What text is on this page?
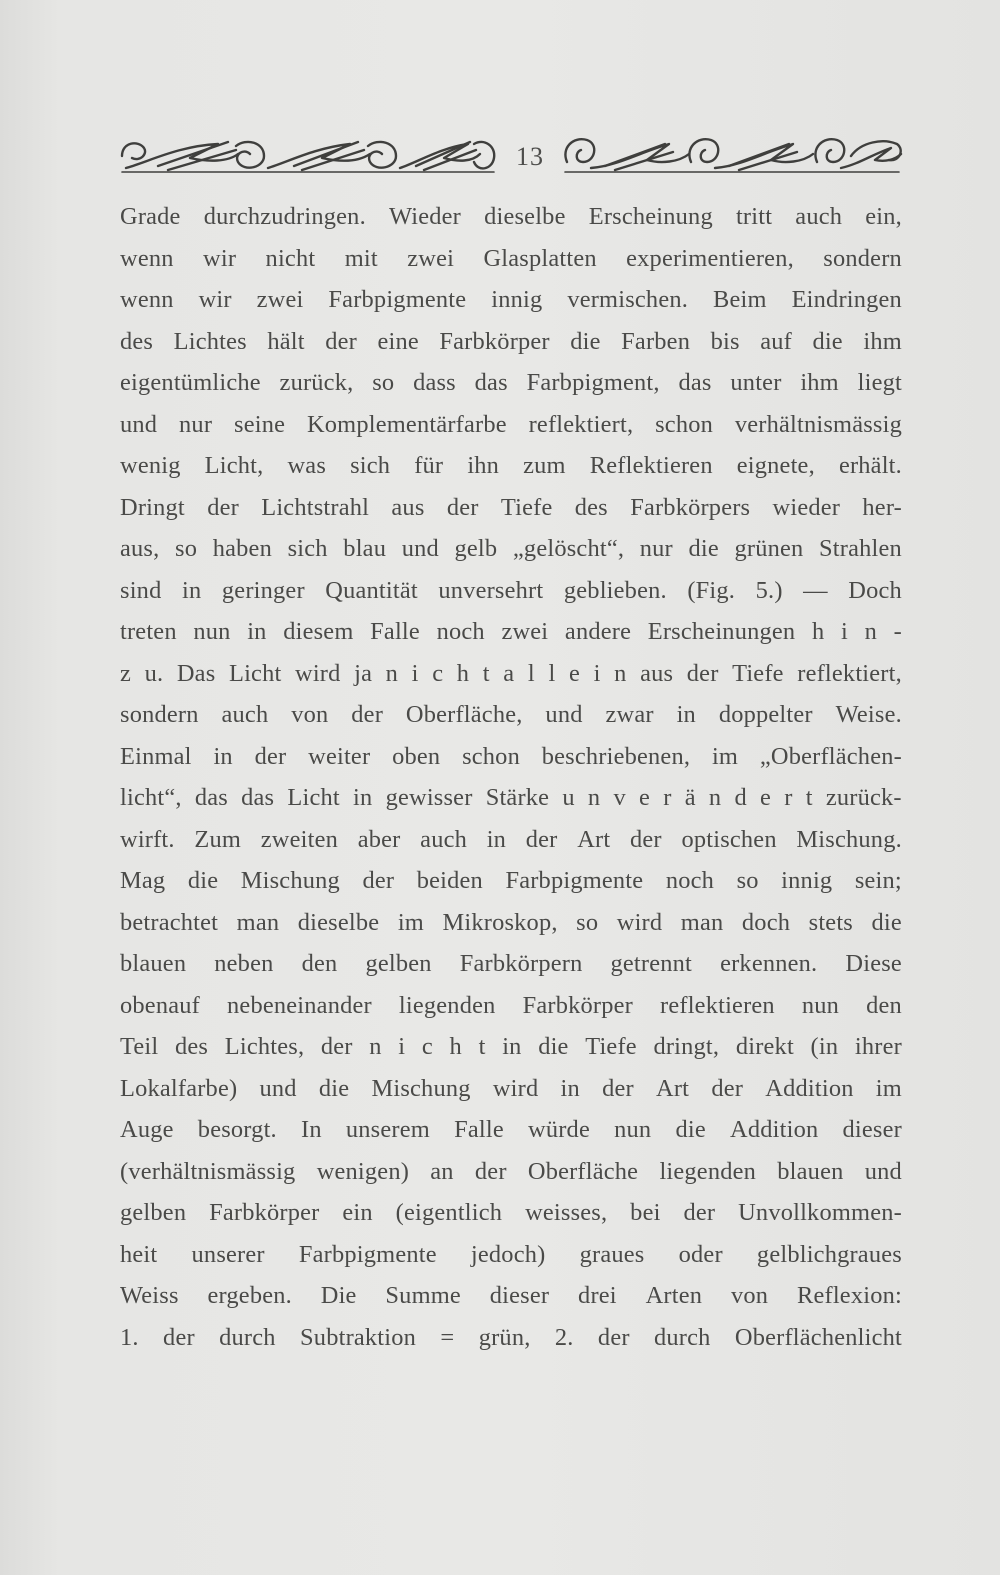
13
Grade durchzudringen. Wieder dieselbe Erscheinung tritt auch ein,
wenn wir nicht mit zwei Glasplatten experimentieren, sondern
wenn wir zwei Farbpigmente innig vermischen. Beim Eindringen
des Lichtes hält der eine Farbkörper die Farben bis auf die ihm
eigentümliche zurück, so dass das Farbpigment, das unter ihm liegt
und nur seine Komplementärfarbe reflektiert, schon verhältnismässig
wenig Licht, was sich für ihn zum Reflektieren eignete, erhält.
Dringt der Lichtstrahl aus der Tiefe des Farbkörpers wieder her-
aus, so haben sich blau und gelb „gelöscht“, nur die grünen Strahlen
sind in geringer Quantität unversehrt geblieben. (Fig. 5.) — Doch
treten nun in diesem Falle noch zwei andere Erscheinungen h i n -
z u. Das Licht wird ja n i c h t a l l e i n aus der Tiefe reflektiert,
sondern auch von der Oberfläche, und zwar in doppelter Weise.
Einmal in der weiter oben schon beschriebenen, im „Oberflächen-
licht“, das das Licht in gewisser Stärke u n v e r ä n d e r t zurück-
wirft. Zum zweiten aber auch in der Art der optischen Mischung.
Mag die Mischung der beiden Farbpigmente noch so innig sein;
betrachtet man dieselbe im Mikroskop, so wird man doch stets die
blauen neben den gelben Farbkörpern getrennt erkennen. Diese
obenauf nebeneinander liegenden Farbkörper reflektieren nun den
Teil des Lichtes, der n i c h t in die Tiefe dringt, direkt (in ihrer
Lokalfarbe) und die Mischung wird in der Art der Addition im
Auge besorgt. In unserem Falle würde nun die Addition dieser
(verhältnismässig wenigen) an der Oberfläche liegenden blauen und
gelben Farbkörper ein (eigentlich weisses, bei der Unvollkommen-
heit unserer Farbpigmente jedoch) graues oder gelblichgraues
Weiss ergeben. Die Summe dieser drei Arten von Reflexion:
1. der durch Subtraktion = grün, 2. der durch Oberflächenlicht
